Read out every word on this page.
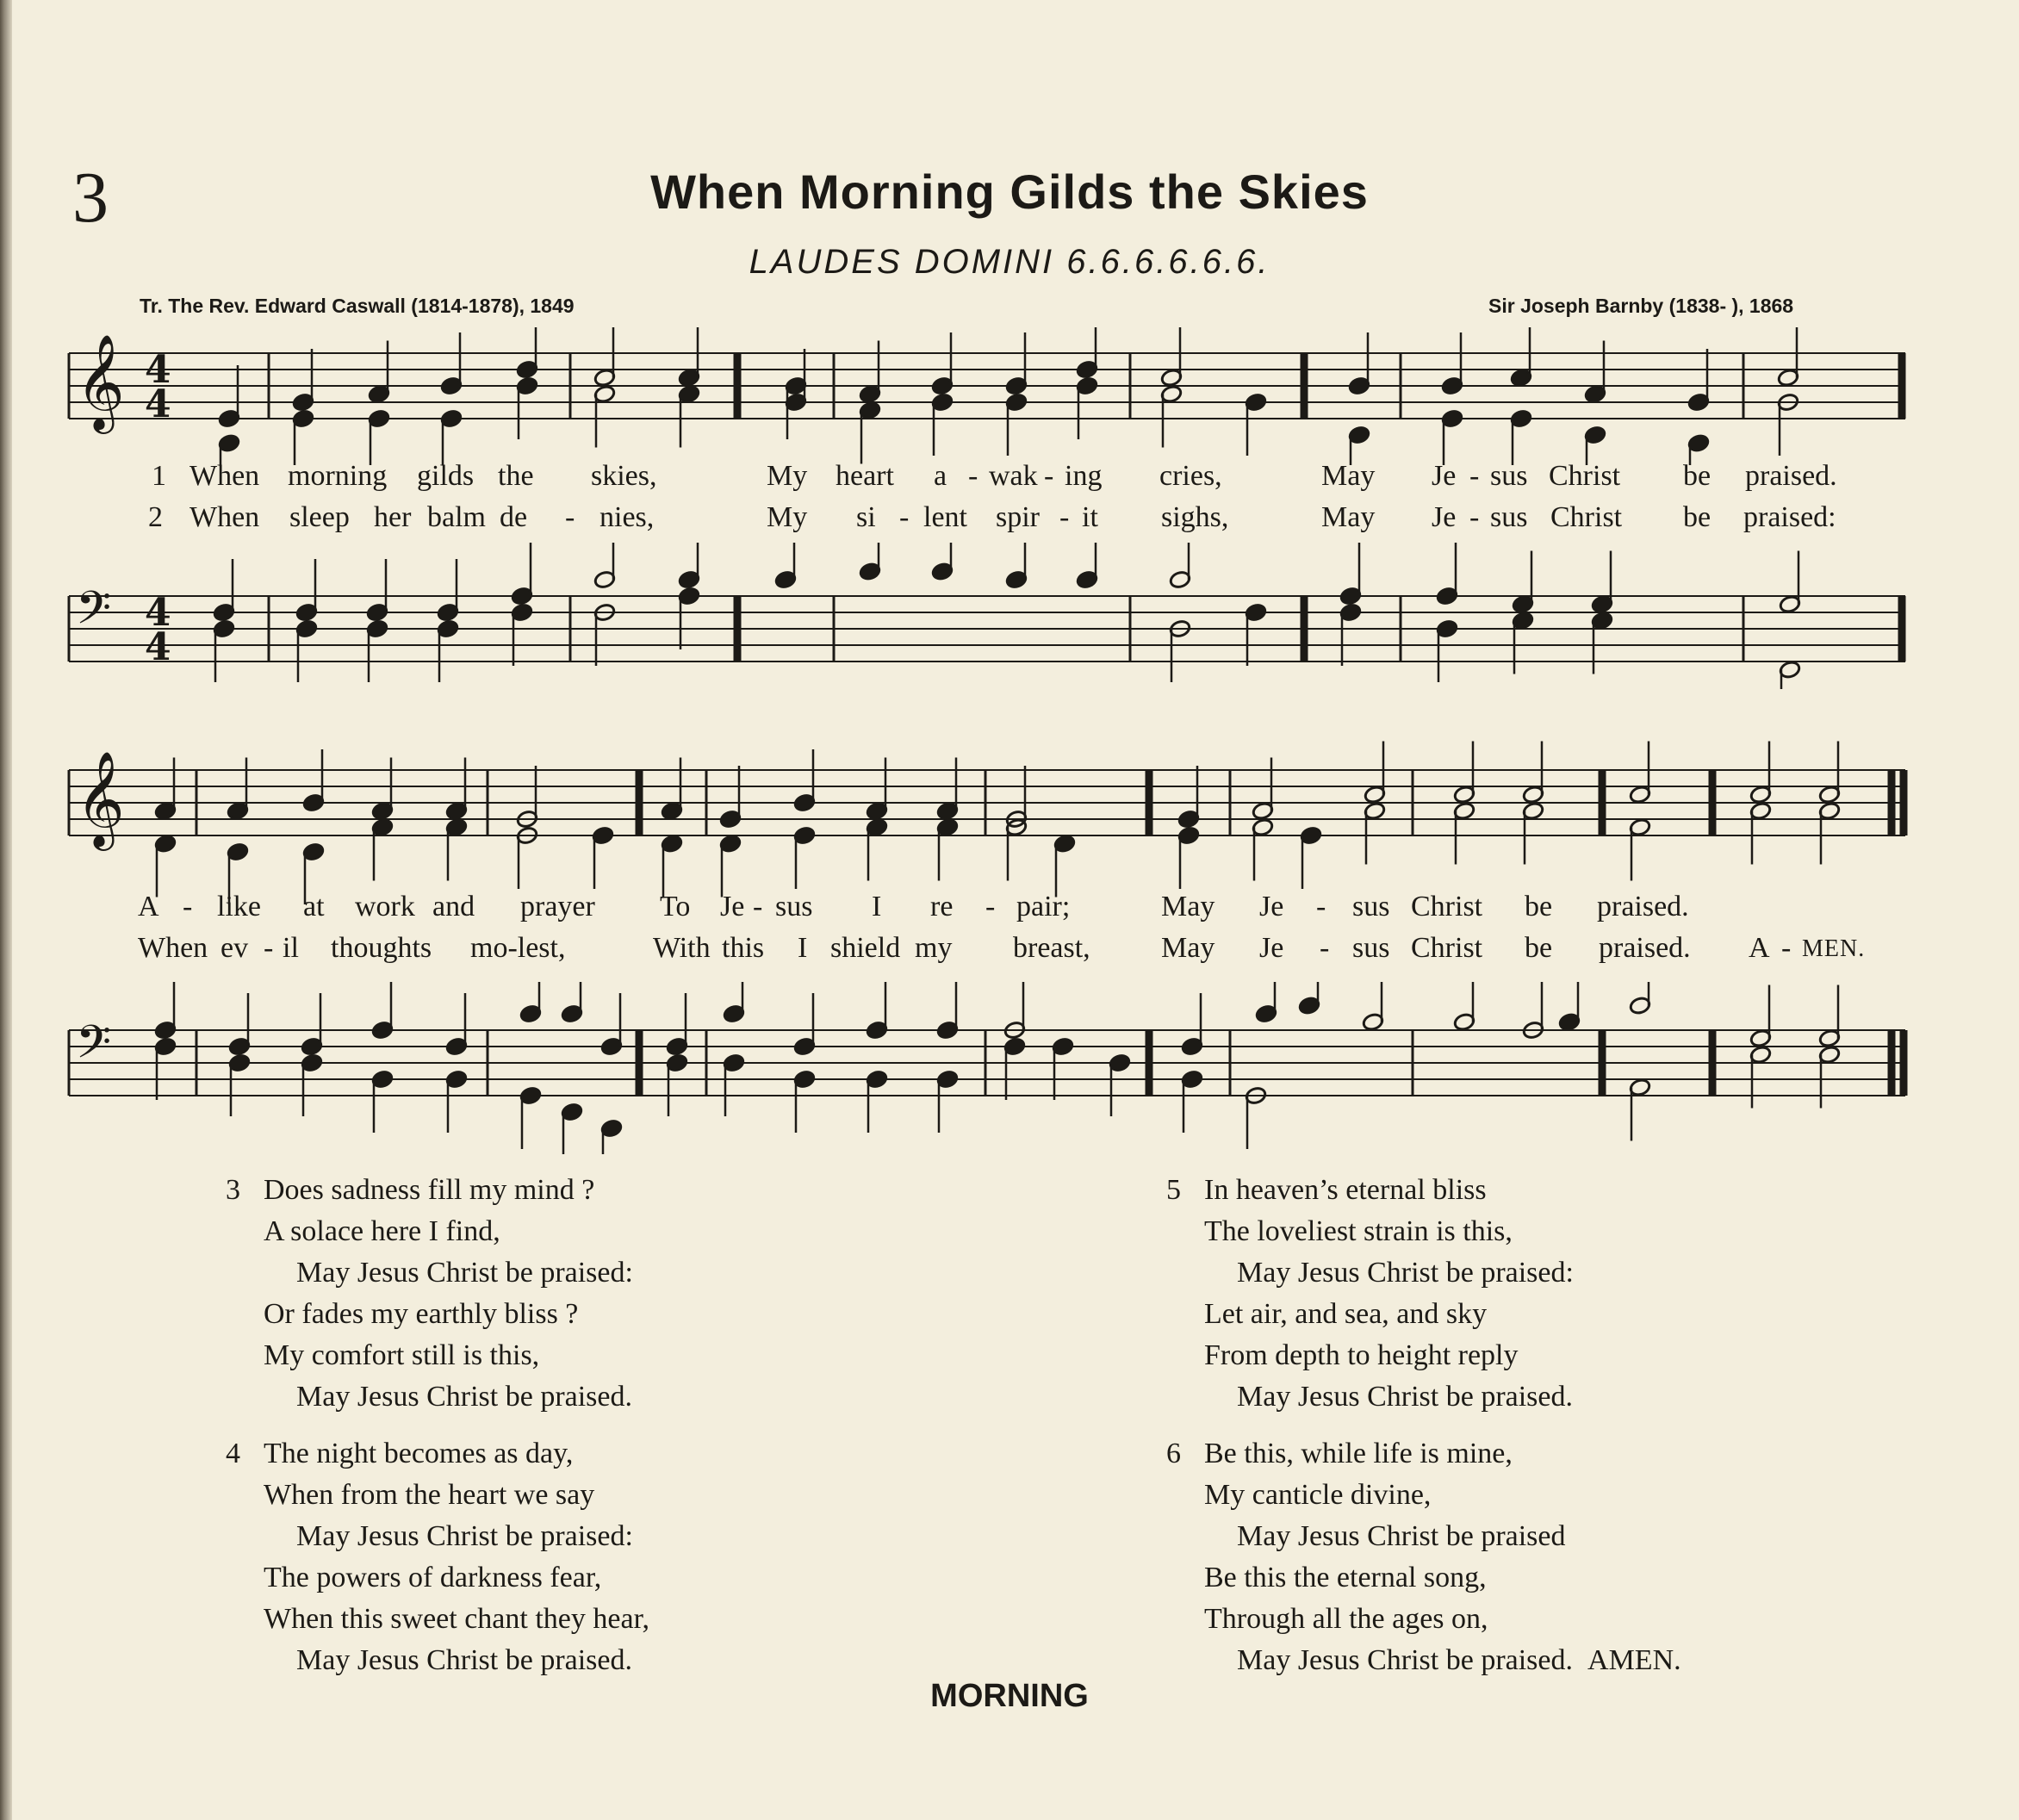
3	When Morning Gilds the Skies
LAUDES DOMINI 6.6.6.6.6.6.
Tr. The Rev. Edward Caswall (1814-1878), 1849	Sir Joseph Barnby (1838- ), 1868
𝄞 4
4
𝄢 4
4
𝄞
𝄢

1

When

morning

gilds

the

skies,

	My

heart

a

-

wak

-

ing

cries,

	May

Je

-

sus

Christ

be

praised.

2

When

sleep

her

balm

de

-

nies,

	My

si

-

lent

spir

-

it

sighs,

	May

Je

-

sus

Christ

be

praised:

A

-

like

at

work

and

prayer

To

Je

-

sus

I

re

-

pair;

	May

Je

-

sus

Christ

be

praised.

When

ev

-

il

thoughts

mo-lest,

	With

this

I

shield

my

breast,

May

Je

-

sus

Christ

be

praised.

A

-

MEN.

3 Does sadness fill my mind ?
A solace here I find,
May Jesus Christ be praised:
Or fades my earthly bliss ?
My comfort still is this,
May Jesus Christ be praised.
4 The night becomes as day,
When from the heart we say
May Jesus Christ be praised:
The powers of darkness fear,
When this sweet chant they hear,
May Jesus Christ be praised.
5 In heaven’s eternal bliss
The loveliest strain is this,
May Jesus Christ be praised:
Let air, and sea, and sky
From depth to height reply
May Jesus Christ be praised.
6 Be this, while life is mine,
My canticle divine,
May Jesus Christ be praised
Be this the eternal song,
Through all the ages on,
May Jesus Christ be praised. AMEN.
MORNING
